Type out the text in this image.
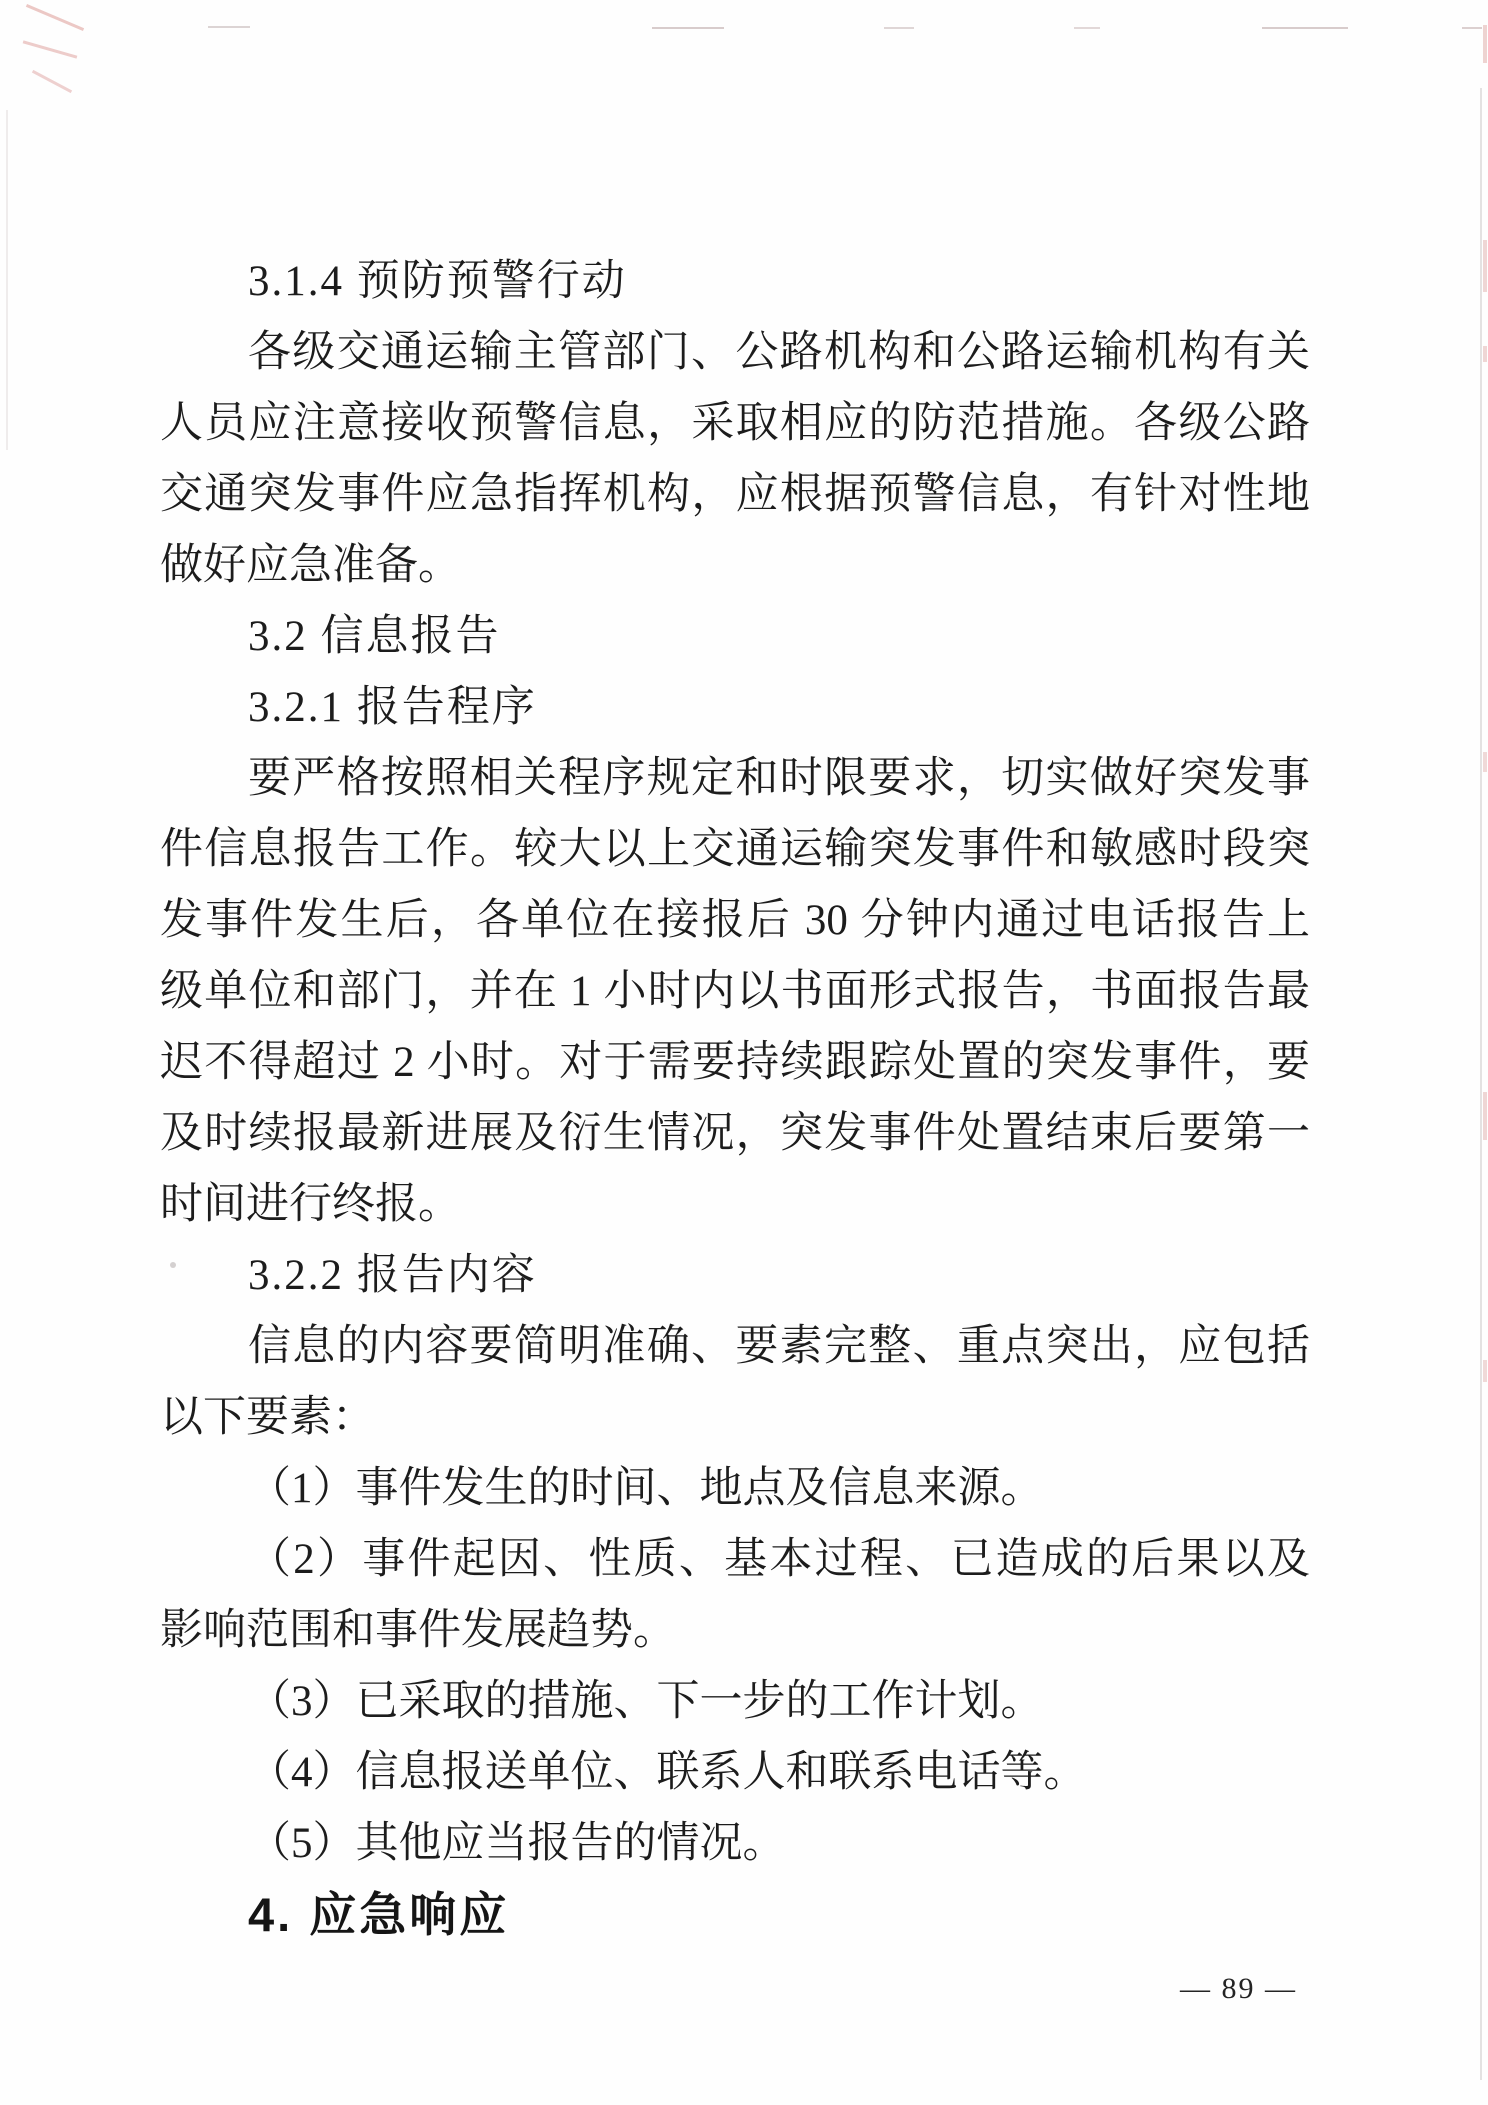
3.1.4 预防预警行动
各级交通运输主管部门、公路机构和公路运输机构有关
人员应注意接收预警信息，采取相应的防范措施。各级公路
交通突发事件应急指挥机构，应根据预警信息，有针对性地
做好应急准备。
3.2 信息报告
3.2.1 报告程序
要严格按照相关程序规定和时限要求，切实做好突发事
件信息报告工作。较大以上交通运输突发事件和敏感时段突
发事件发生后，各单位在接报后 30 分钟内通过电话报告上
级单位和部门，并在 1 小时内以书面形式报告，书面报告最
迟不得超过 2 小时。对于需要持续跟踪处置的突发事件，要
及时续报最新进展及衍生情况，突发事件处置结束后要第一
时间进行终报。
3.2.2 报告内容
信息的内容要简明准确、要素完整、重点突出，应包括
以下要素：
（1）事件发生的时间、地点及信息来源。
（2）事件起因、性质、基本过程、已造成的后果以及
影响范围和事件发展趋势。
（3）已采取的措施、下一步的工作计划。
（4）信息报送单位、联系人和联系电话等。
（5）其他应当报告的情况。
4. 应急响应
— 89 —
